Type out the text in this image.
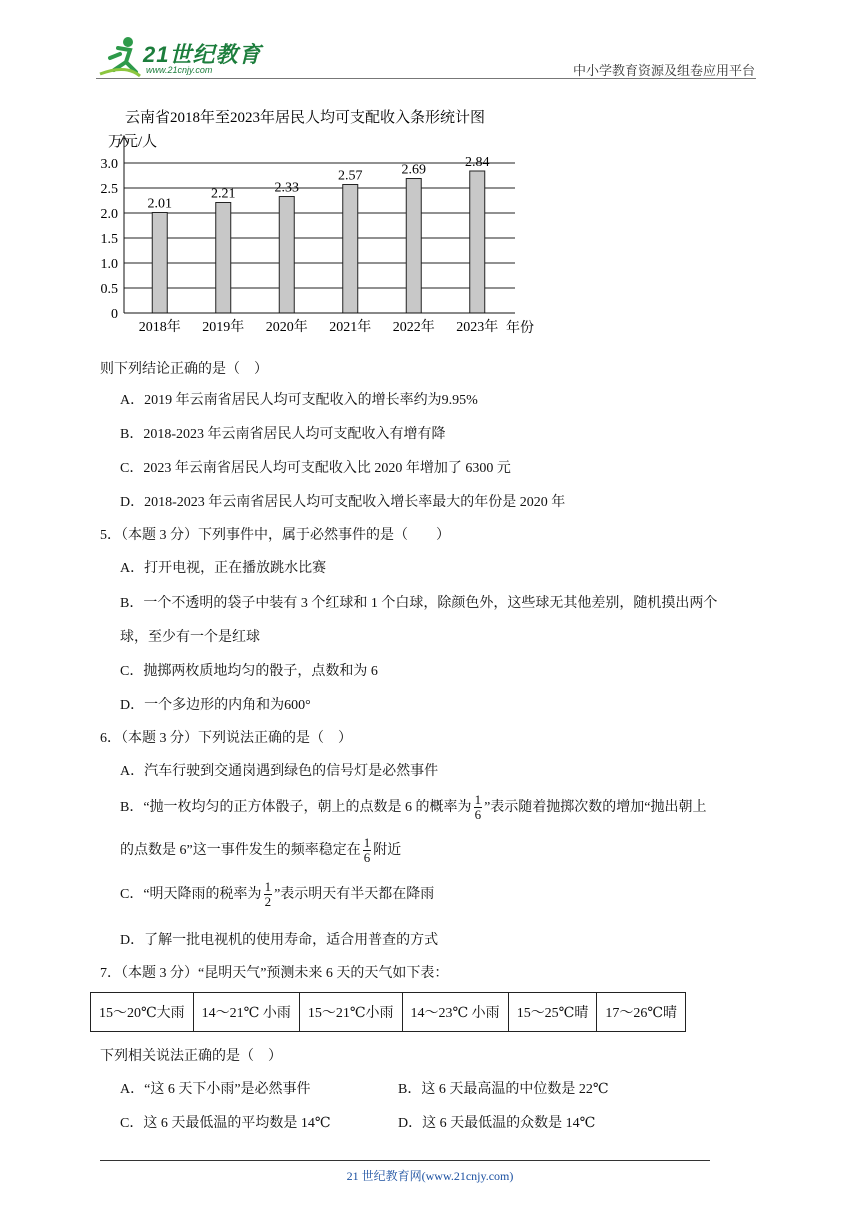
21世纪教育
www.21cnjy.com	中小学教育资源及组卷应用平台
云南省2018年至2023年居民人均可支配收入条形统计图
万元/人
年份
0
0.5
1.0
1.5
2.0
2.5
3.0
2.01
2.21	2.33
2.57	2.69	2.84
2018年 2019年 2020年 2021年 2022年 2023年
则下列结论正确的是（　）
A．2019 年云南省居民人均可支配收入的增长率约为9.95%
B．2018-2023 年云南省居民人均可支配收入有增有降
C．2023 年云南省居民人均可支配收入比 2020 年增加了 6300 元
D．2018-2023 年云南省居民人均可支配收入增长率最大的年份是 2020 年
5．（本题 3 分）下列事件中，属于必然事件的是（　　）
A．打开电视，正在播放跳水比赛
B．一个不透明的袋子中装有 3 个红球和 1 个白球，除颜色外，这些球无其他差别，随机摸出两个
球，至少有一个是红球
C．抛掷两枚质地均匀的骰子，点数和为 6
D．一个多边形的内角和为600°
6．（本题 3 分）下列说法正确的是（　）
A．汽车行驶到交通岗遇到绿色的信号灯是必然事件
B．“抛一枚均匀的正方体骰子，朝上的点数是 6 的概率为 $\frac{1}{6}$ ”表示随着抛掷次数的增加“抛出朝上
的点数是 6”这一事件发生的频率稳定在 $\frac{1}{6}$ 附近
C．“明天降雨的税率为 $\frac{1}{2}$ ”表示明天有半天都在降雨
D．了解一批电视机的使用寿命，适合用普查的方式
7．（本题 3 分）“昆明天气”预测未来 6 天的天气如下表：
15～20℃大雨	14～21℃ 小雨	15～21℃小雨	14～23℃ 小雨	15～25℃晴	17～26℃晴
下列相关说法正确的是（　）
A．“这 6 天下小雨”是必然事件	B．这 6 天最高温的中位数是 22℃
C．这 6 天最低温的平均数是 14℃	D．这 6 天最低温的众数是 14℃
21 世纪教育网(www.21cnjy.com)
